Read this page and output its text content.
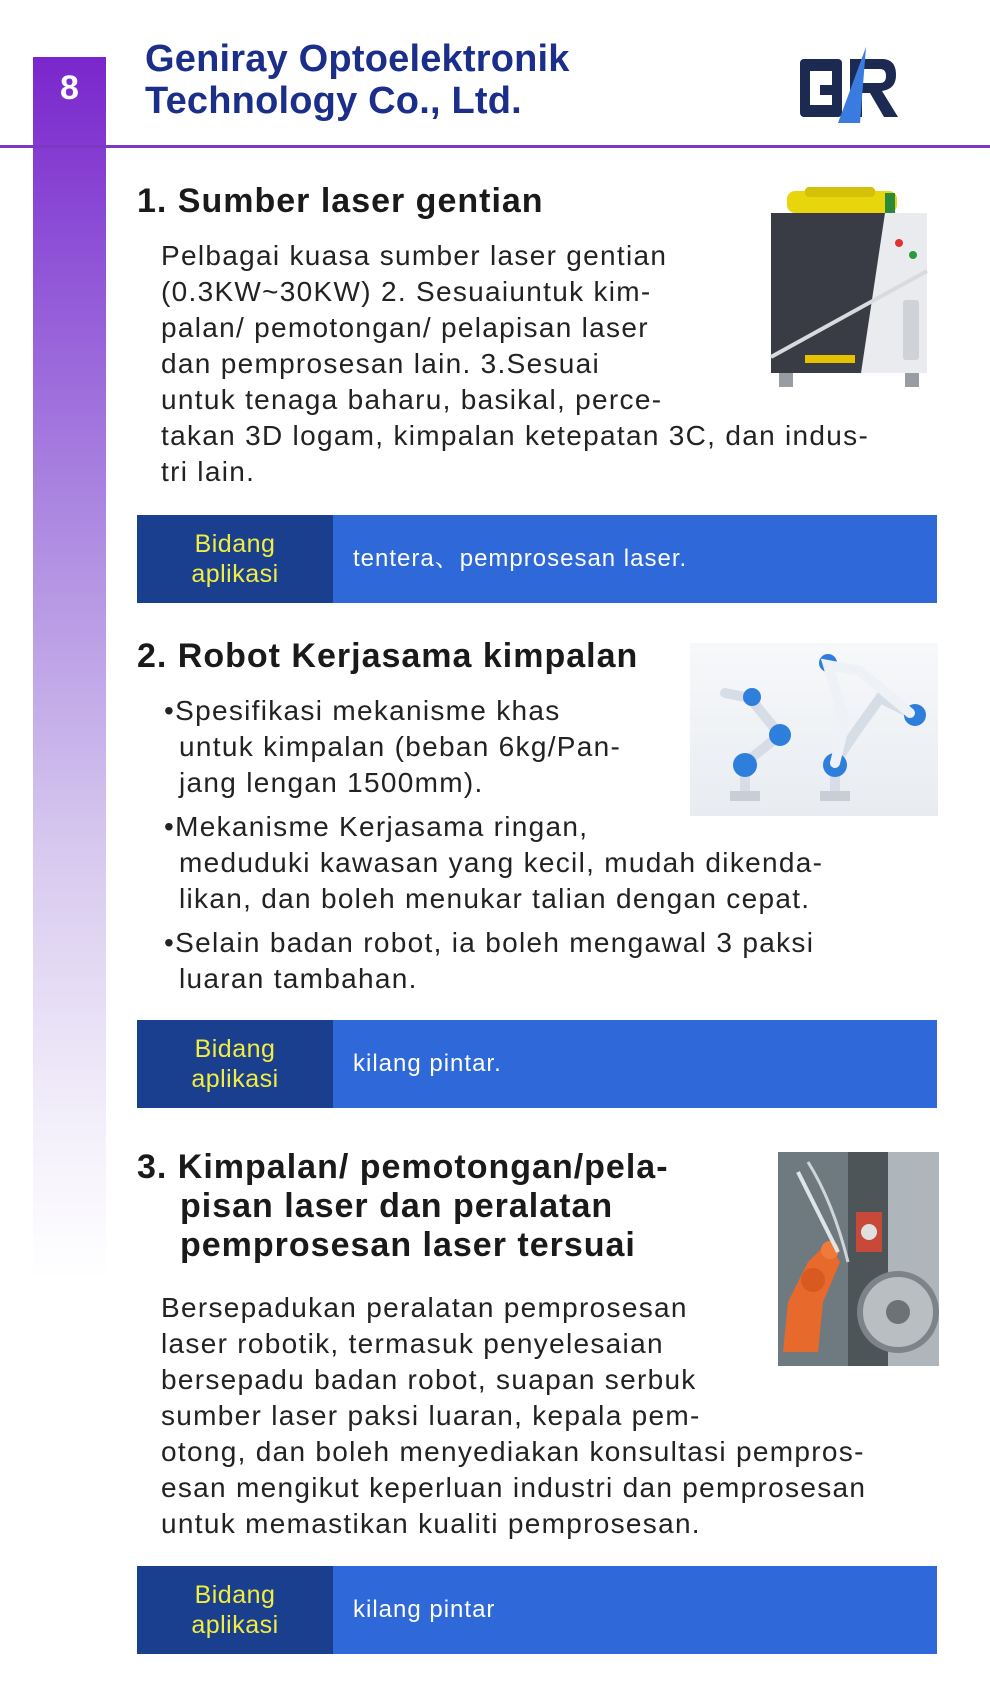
8
Geniray Optoelektronik
Technology Co., Ltd.
1. Sumber laser gentian
Pelbagai kuasa sumber laser gentian
(0.3KW~30KW) 2. Sesuaiuntuk kim-
palan/ pemotongan/ pelapisan laser
dan pemprosesan lain. 3.Sesuai
untuk tenaga baharu, basikal, perce-
takan 3D logam, kimpalan ketepatan 3C, dan indus-
tri lain.
Bidang
aplikasi
tentera、pemprosesan laser.
2. Robot Kerjasama kimpalan
•Spesifikasi mekanisme khas
untuk kimpalan (beban 6kg/Pan-
jang lengan 1500mm).
•Mekanisme Kerjasama ringan,
meduduki kawasan yang kecil, mudah dikenda-
likan, dan boleh menukar talian dengan cepat.
•Selain badan robot, ia boleh mengawal 3 paksi
luaran tambahan.
Bidang
aplikasi
kilang pintar.
3. Kimpalan/ pemotongan/pela-
pisan laser dan peralatan
pemprosesan laser tersuai
Bersepadukan peralatan pemprosesan
laser robotik, termasuk penyelesaian
bersepadu badan robot, suapan serbuk
sumber laser paksi luaran, kepala pem-
otong, dan boleh menyediakan konsultasi pempros-
esan mengikut keperluan industri dan pemprosesan
untuk memastikan kualiti pemprosesan.
Bidang
aplikasi
kilang pintar
